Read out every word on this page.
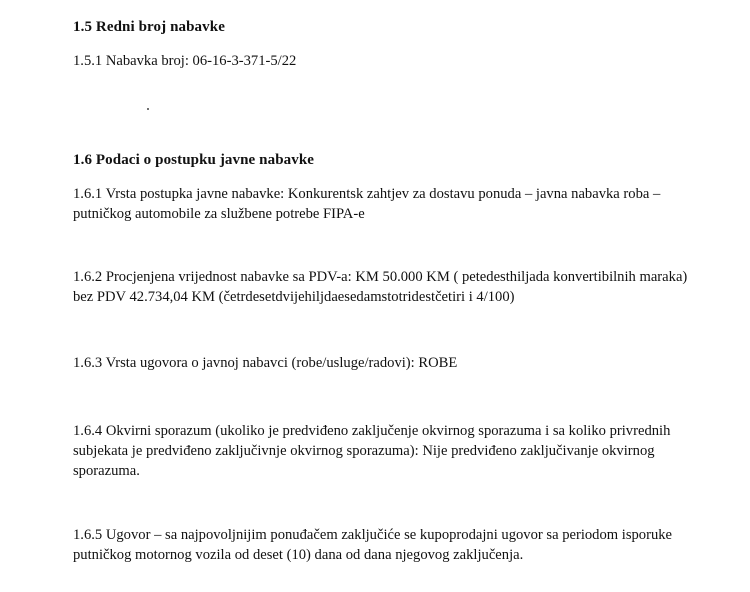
1.5 Redni broj nabavke
1.5.1 Nabavka broj: 06-16-3-371-5/22
1.6 Podaci o postupku javne nabavke
1.6.1 Vrsta postupka javne nabavke: Konkurentsk zahtjev za dostavu ponuda – javna nabavka roba –
putničkog automobile za službene potrebe FIPA-e
1.6.2 Procjenjena vrijednost nabavke sa PDV-a: KM 50.000 KM ( petedesthiljada konvertibilnih maraka)
bez PDV 42.734,04 KM (četrdesetdvijehiljdaesedamstotridestčetiri i 4/100)
1.6.3 Vrsta ugovora o javnoj nabavci (robe/usluge/radovi): ROBE
1.6.4 Okvirni sporazum (ukoliko je predviđeno zaključenje okvirnog sporazuma i sa koliko privrednih
subjekata je predviđeno zaključivnje okvirnog sporazuma): Nije predviđeno zaključivanje okvirnog
sporazuma.
1.6.5 Ugovor – sa najpovoljnijim ponuđačem zaključiće se kupoprodajni ugovor sa periodom isporuke
putničkog motornog vozila od deset (10) dana od dana njegovog zaključenja.
